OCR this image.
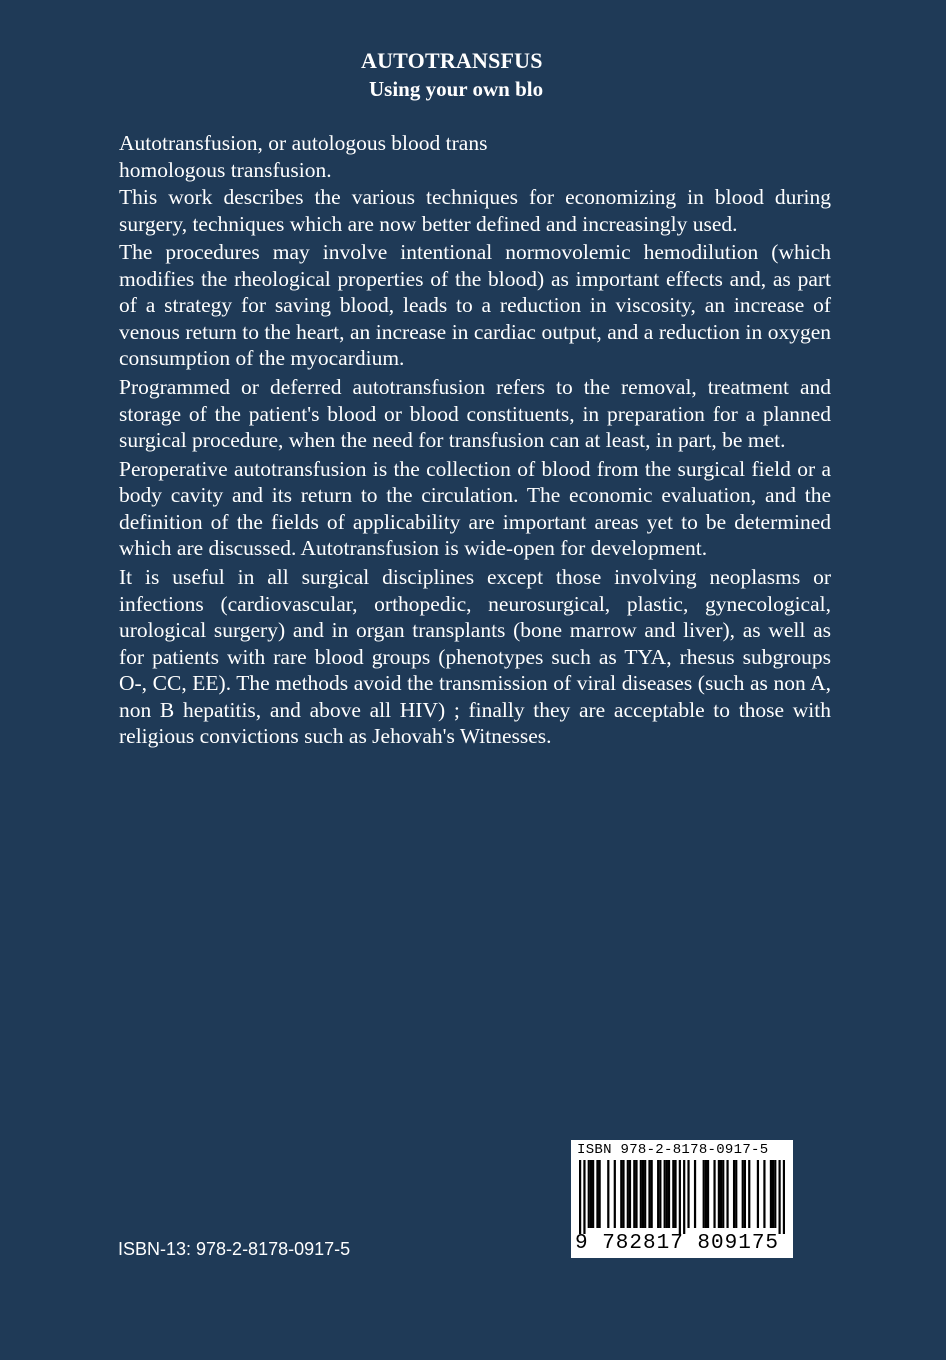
AUTOTRANSFUS
Using your own blo
Autotransfusion, or autologous blood trans
homologous transfusion.

This work describes the various techniques for economizing in blood during surgery, techniques which are now better defined and increasingly used.

The procedures may involve intentional normovolemic hemodilution (which modifies the rheological properties of the blood) as important effects and, as part of a strategy for saving blood, leads to a reduction in viscosity, an increase of venous return to the heart, an increase in cardiac output, and a reduction in oxygen consumption of the myocardium.

Programmed or deferred autotransfusion refers to the removal, treatment and storage of the patient's blood or blood constituents, in preparation for a planned surgical procedure, when the need for transfusion can at least, in part, be met.

Peroperative autotransfusion is the collection of blood from the surgical field or a body cavity and its return to the circulation. The economic evaluation, and the definition of the fields of applicability are important areas yet to be determined which are discussed. Autotransfusion is wide-open for development.

It is useful in all surgical disciplines except those involving neoplasms or infections (cardiovascular, orthopedic, neurosurgical, plastic, gynecological, urological surgery) and in organ transplants (bone marrow and liver), as well as for patients with rare blood groups (phenotypes such as TYA, rhesus subgroups O-, CC, EE). The methods avoid the transmission of viral diseases (such as non A, non B hepatitis, and above all HIV) ; finally they are acceptable to those with religious convictions such as Jehovah's Witnesses.

ISBN-13: 978-2-8178-0917-5
ISBN 978-2-8178-0917-5
9 782817 809175
